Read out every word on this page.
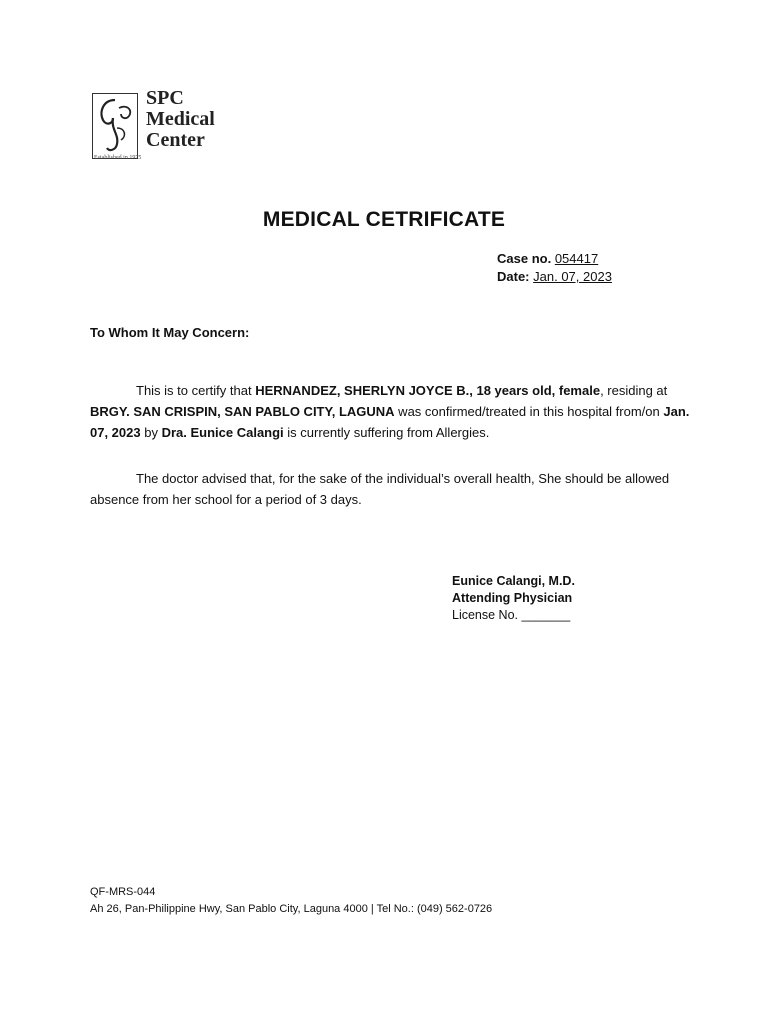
SPC
Medical
Center
Established in 1975
MEDICAL CETRIFICATE
Case no. 054417
Date: Jan. 07, 2023
To Whom It May Concern:
This is to certify that HERNANDEZ, SHERLYN JOYCE B., 18 years old, female, residing at BRGY. SAN CRISPIN, SAN PABLO CITY, LAGUNA was confirmed/treated in this hospital from/on Jan. 07, 2023 by Dra. Eunice Calangi is currently suffering from Allergies.
The doctor advised that, for the sake of the individual’s overall health, She should be allowed absence from her school for a period of 3 days.
Eunice Calangi, M.D.
Attending Physician
License No. _______
QF-MRS-044
Ah 26, Pan-Philippine Hwy, San Pablo City, Laguna 4000 | Tel No.: (049) 562-0726
